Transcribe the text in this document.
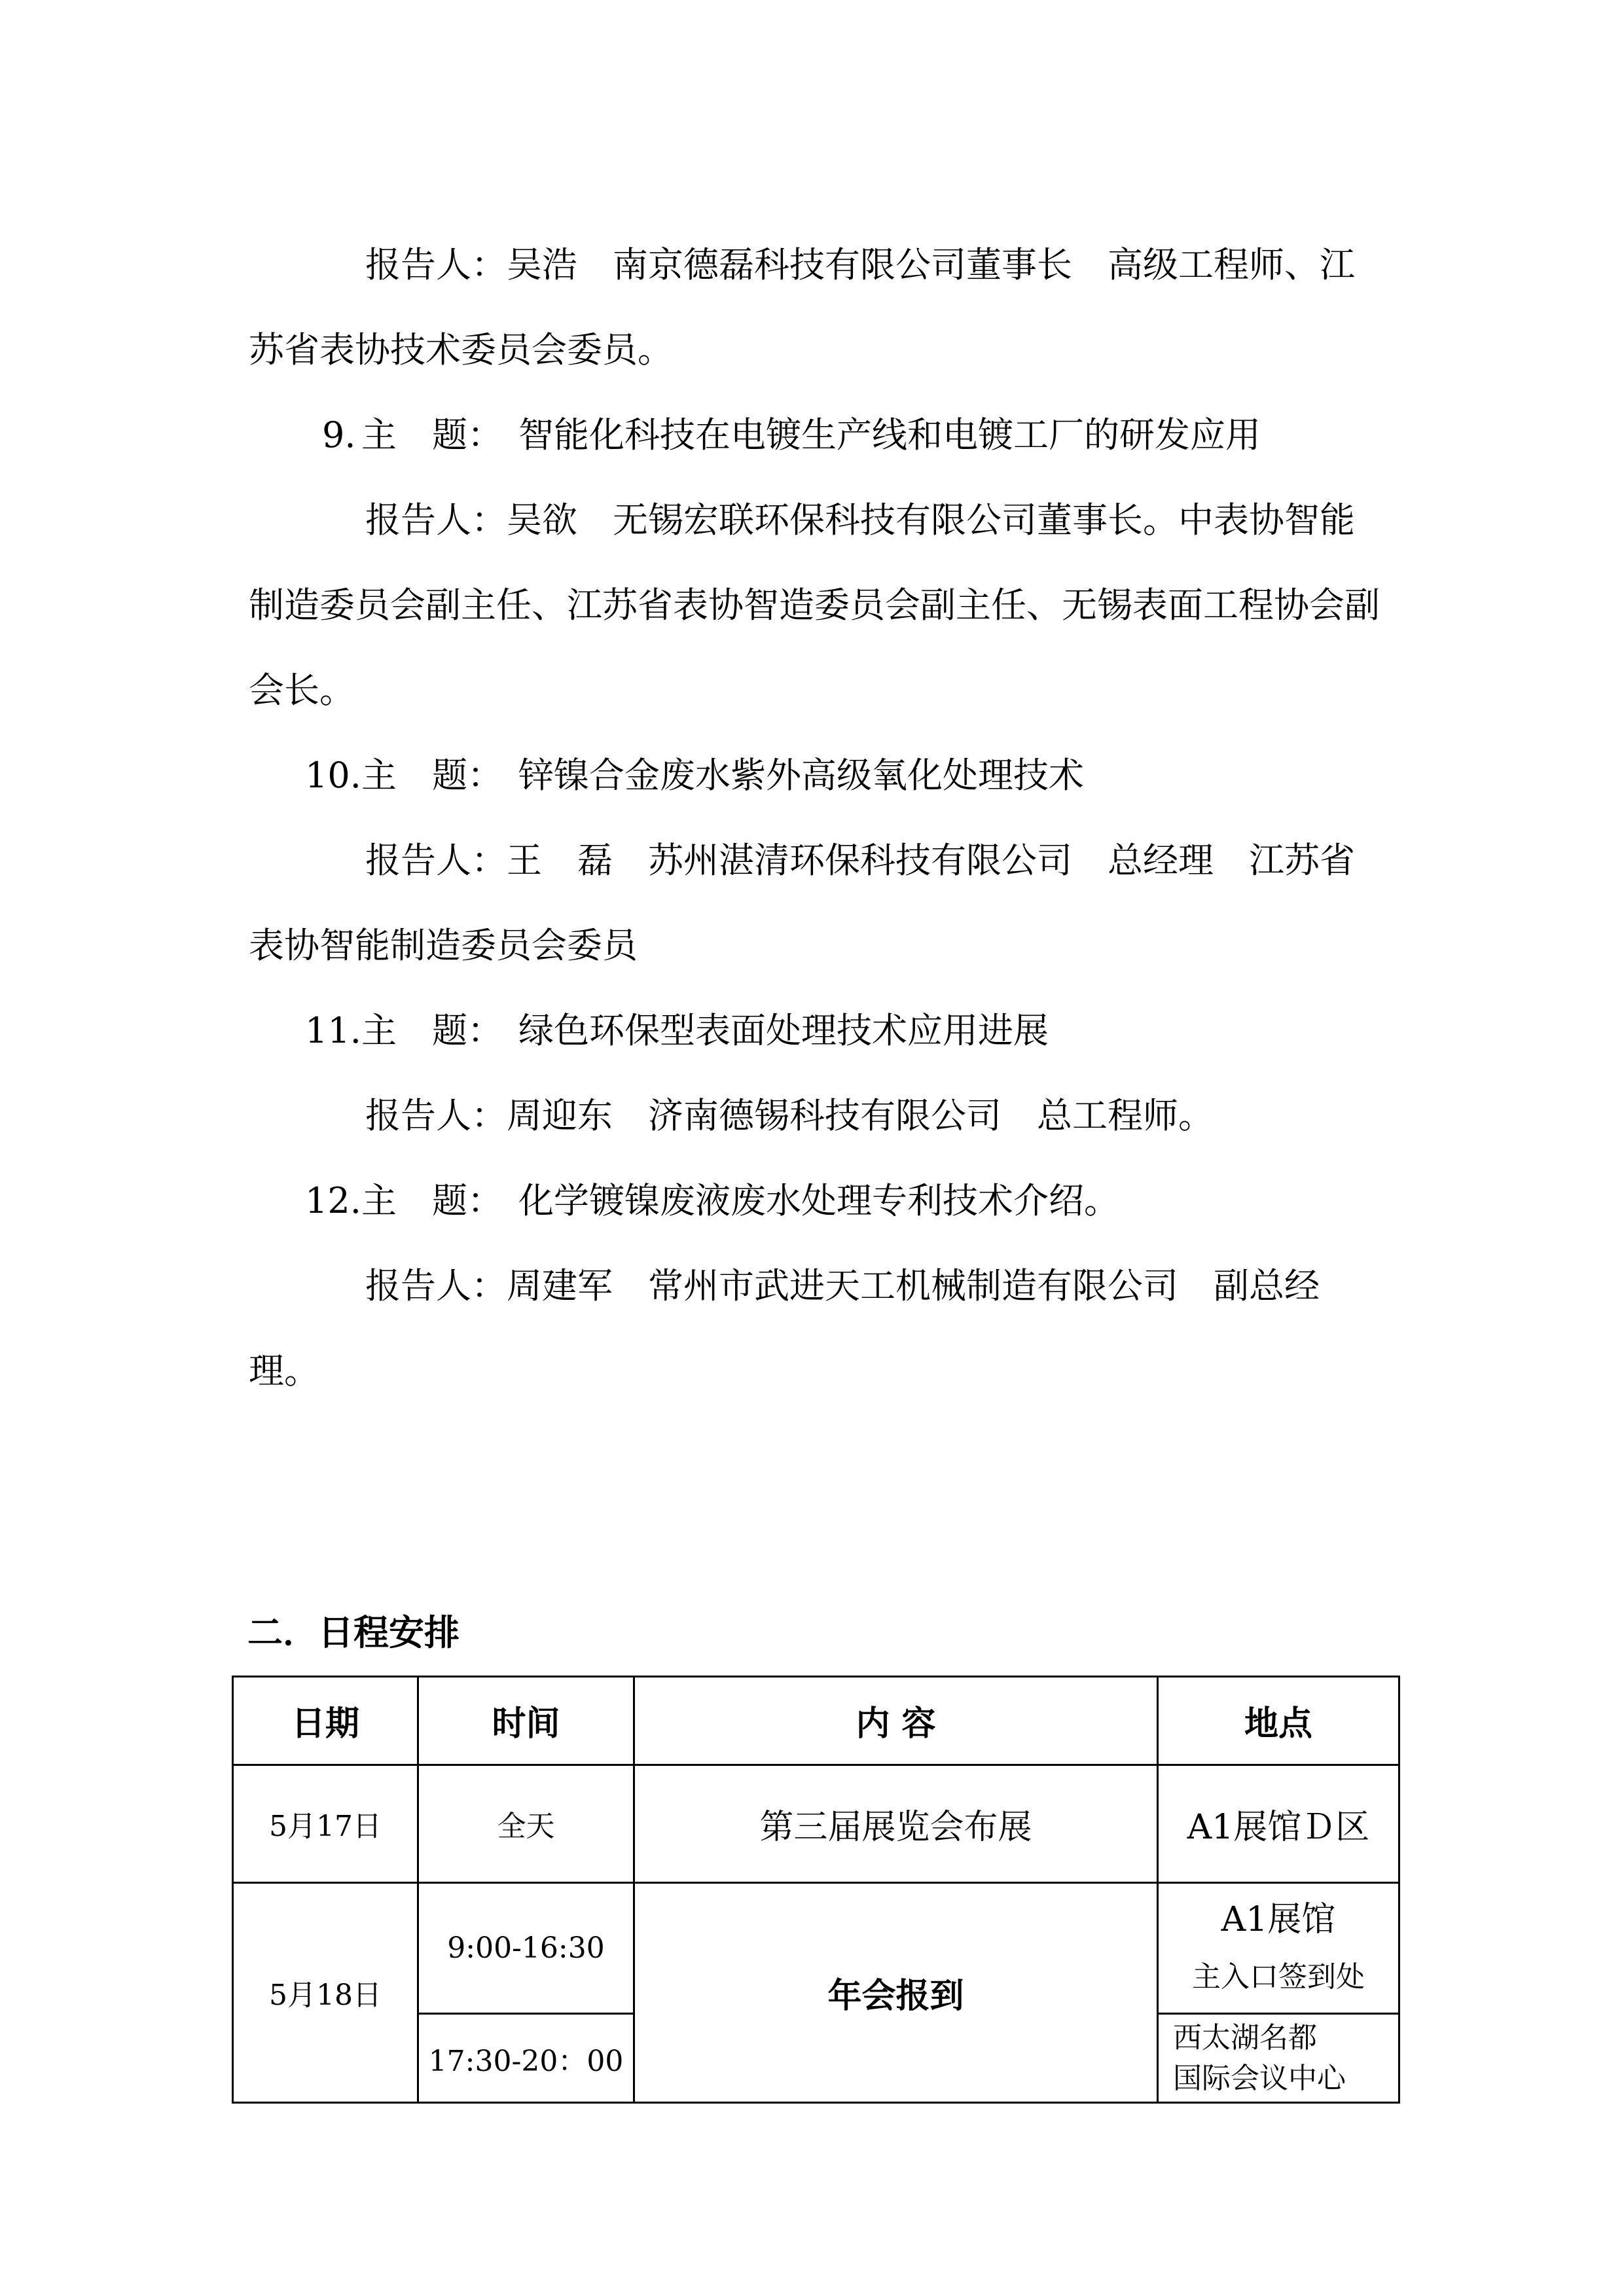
报告人：吴浩　南京德磊科技有限公司董事长　高级工程师、江苏省表协技术委员会委员。

9. 主　题： 智能化科技在电镀生产线和电镀工厂的研发应用

报告人：吴欲　无锡宏联环保科技有限公司董事长。中表协智能制造委员会副主任、江苏省表协智造委员会副主任、无锡表面工程协会副会长。

10. 主　题： 锌镍合金废水紫外高级氧化处理技术

报告人：王　磊　苏州湛清环保科技有限公司　总经理　江苏省表协智能制造委员会委员

11. 主　题： 绿色环保型表面处理技术应用进展

报告人：周迎东　济南德锡科技有限公司　总工程师。

12. 主　题： 化学镀镍废液废水处理专利技术介绍。

报告人：周建军　常州市武进天工机械制造有限公司　副总经理。

二．日程安排
日期	时间	内 容	地点
5月17日	全天	第三届展览会布展	A1展馆Ｄ区
5月18日	9:00-16:30	年会报到	A1展馆
主入口签到处

	17:30-20：00		西太湖名都
国际会议中心
